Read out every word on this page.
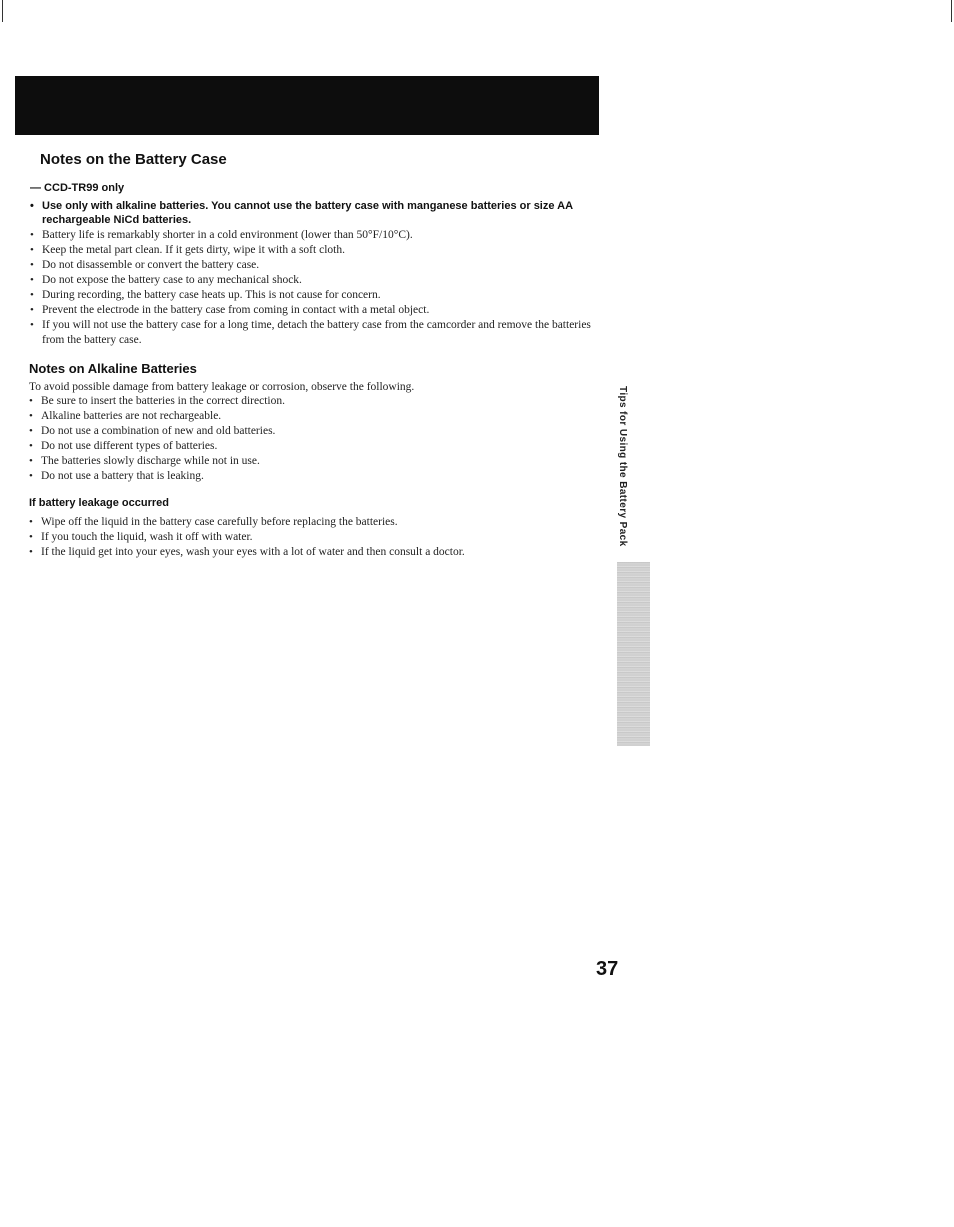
Notes on the Battery Case
— CCD-TR99 only
• Use only with alkaline batteries. You cannot use the battery case with manganese batteries or size AA rechargeable NiCd batteries.
• Battery life is remarkably shorter in a cold environment (lower than 50°F/10°C).
• Keep the metal part clean. If it gets dirty, wipe it with a soft cloth.
• Do not disassemble or convert the battery case.
• Do not expose the battery case to any mechanical shock.
• During recording, the battery case heats up. This is not cause for concern.
• Prevent the electrode in the battery case from coming in contact with a metal object.
• If you will not use the battery case for a long time, detach the battery case from the camcorder and remove the batteries from the battery case.
Notes on Alkaline Batteries
To avoid possible damage from battery leakage or corrosion, observe the following.
• Be sure to insert the batteries in the correct direction.
• Alkaline batteries are not rechargeable.
• Do not use a combination of new and old batteries.
• Do not use different types of batteries.
• The batteries slowly discharge while not in use.
• Do not use a battery that is leaking.
If battery leakage occurred
• Wipe off the liquid in the battery case carefully before replacing the batteries.
• If you touch the liquid, wash it off with water.
• If the liquid get into your eyes, wash your eyes with a lot of water and then consult a doctor.
Tips for Using the Battery Pack
37
